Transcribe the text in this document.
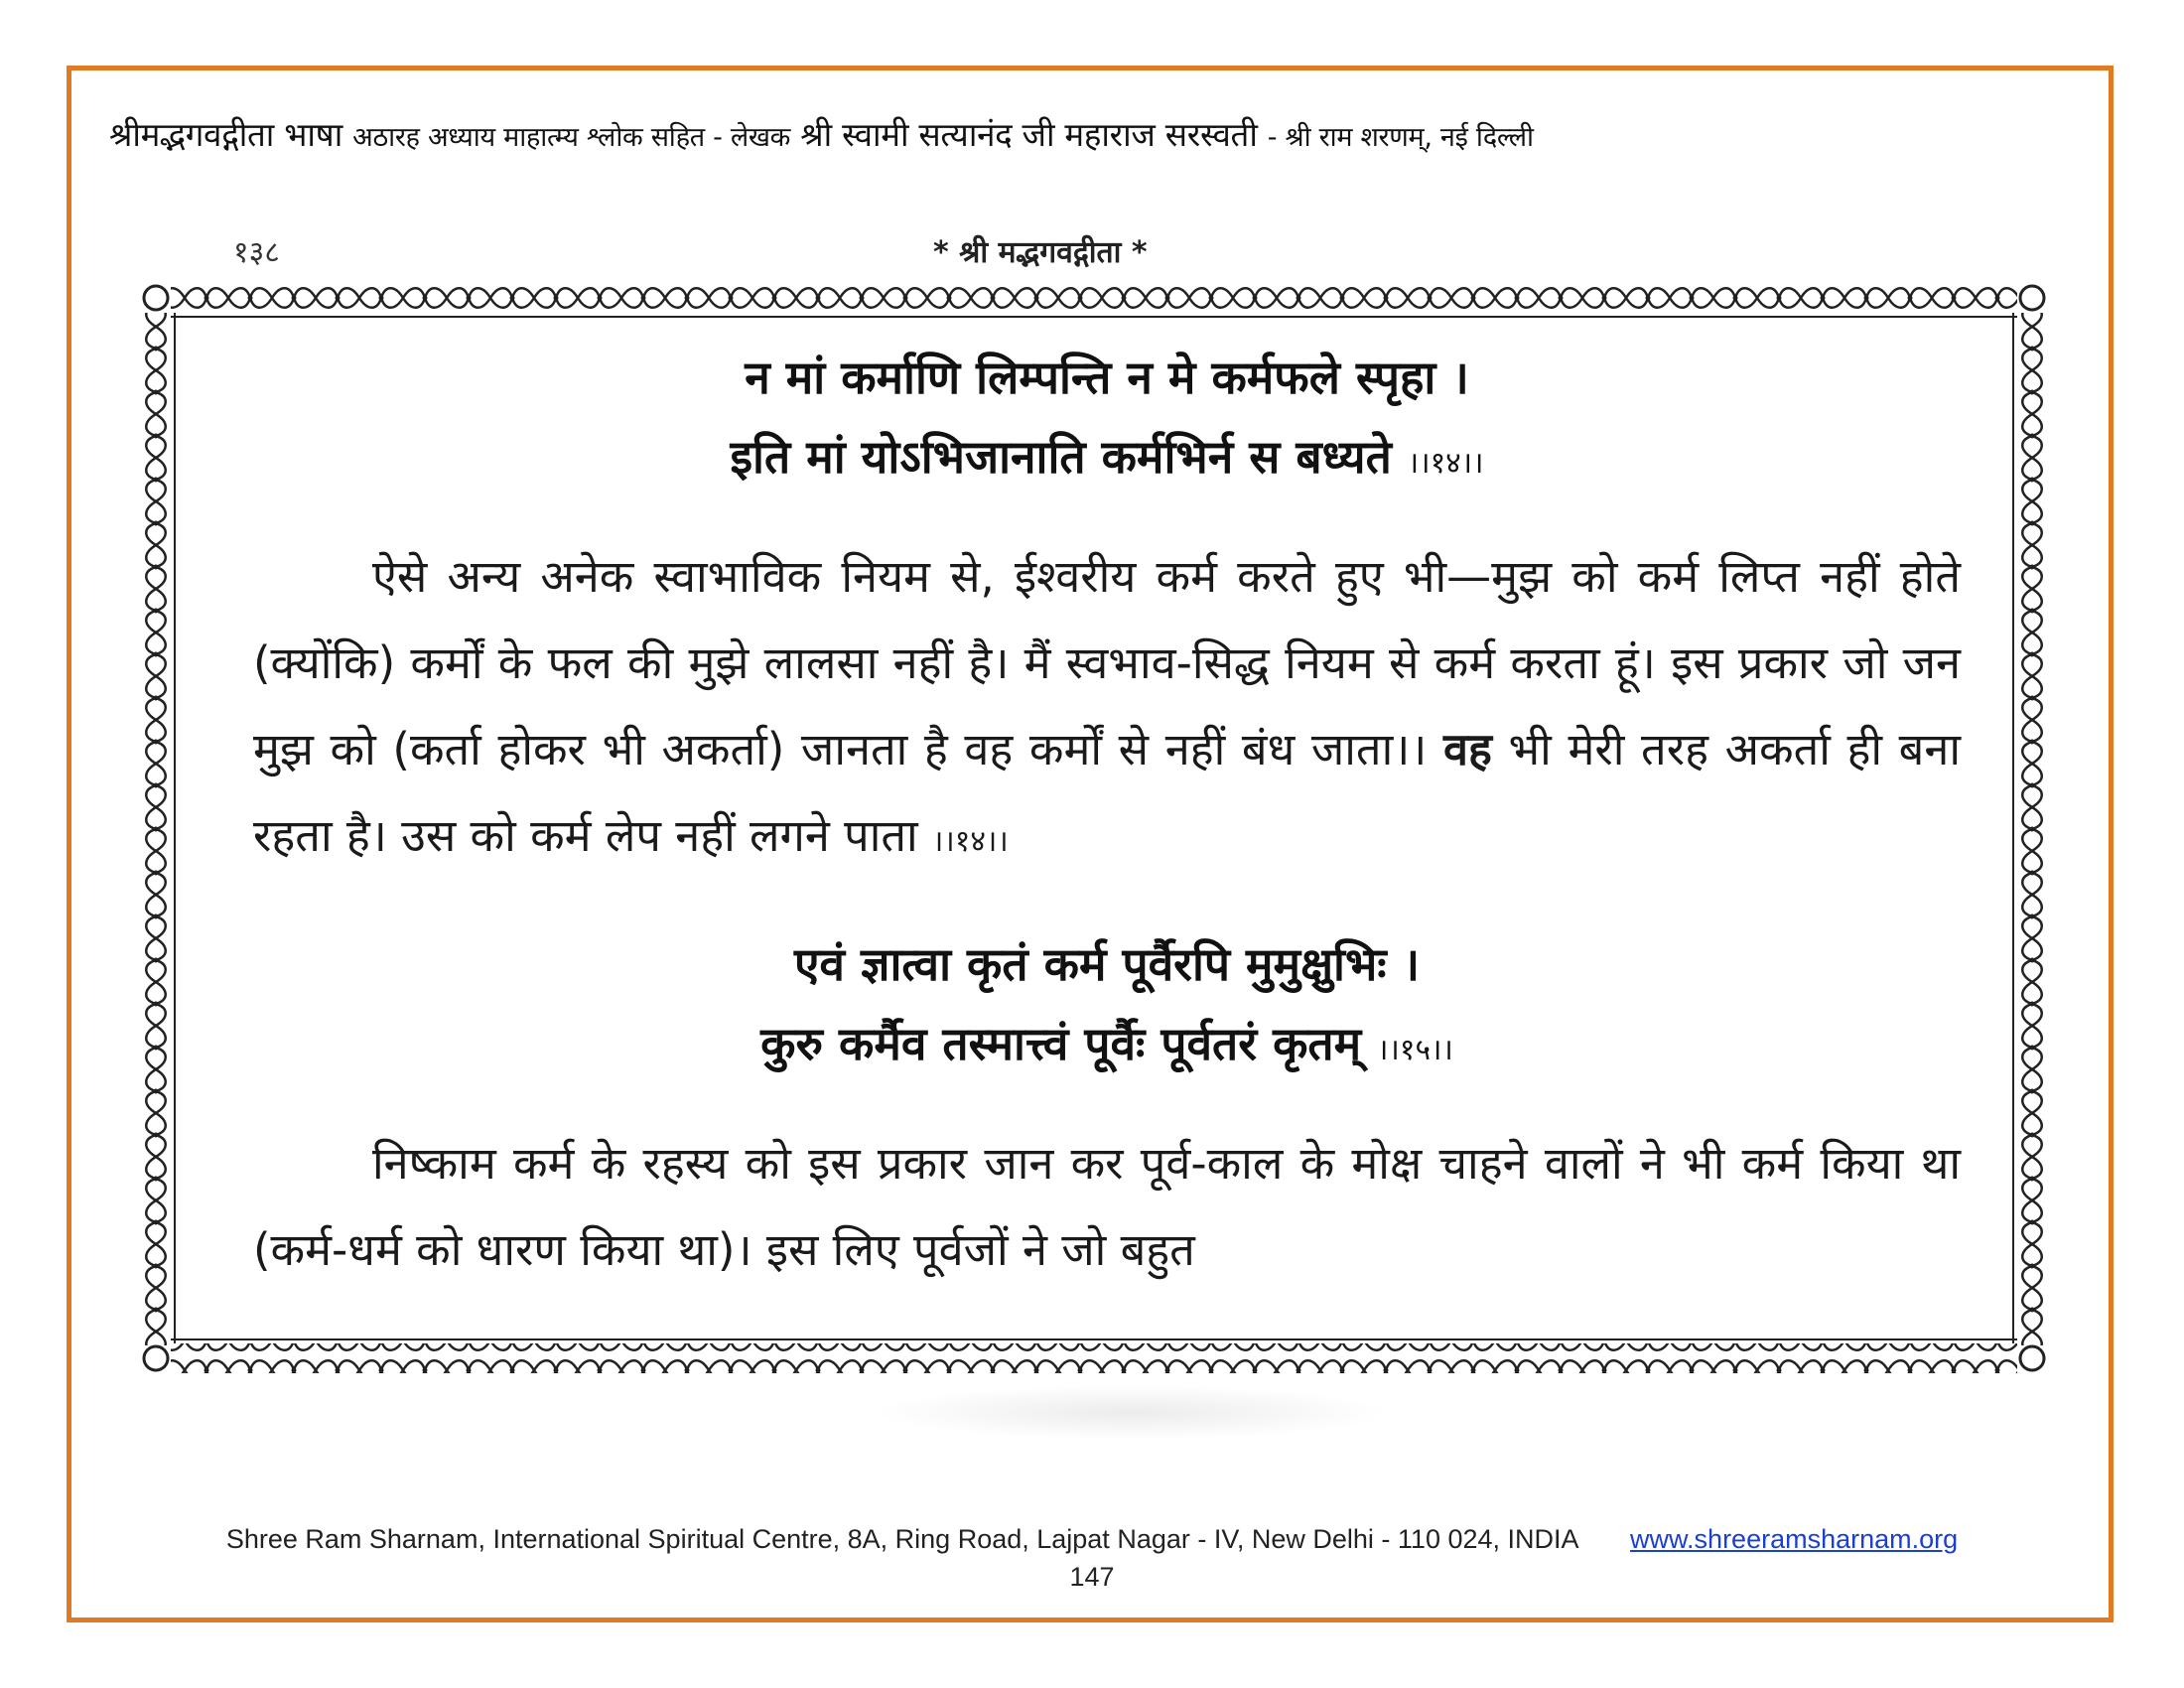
श्रीमद्भगवद्गीता भाषा अठारह अध्याय माहात्म्य श्लोक सहित - लेखक श्री स्वामी सत्यानंद जी महाराज सरस्वती - श्री राम शरणम्, नई दिल्ली
१३८	* श्री मद्भगवद्गीता *
न मां कर्माणि लिम्पन्ति न मे कर्मफले स्पृहा ।
इति मां योऽभिजानाति कर्मभिर्न स बध्यते ।।१४।।

ऐसे अन्य अनेक स्वाभाविक नियम से, ईश्वरीय कर्म करते हुए भी—मुझ को कर्म लिप्त नहीं होते (क्योंकि) कर्मों के फल की मुझे लालसा नहीं है। मैं स्वभाव-सिद्ध नियम से कर्म करता हूं। इस प्रकार जो जन मुझ को (कर्ता होकर भी अकर्ता) जानता है वह कर्मों से नहीं बंध जाता।। वह भी मेरी तरह अकर्ता ही बना रहता है। उस को कर्म लेप नहीं लगने पाता ।।१४।।

एवं ज्ञात्वा कृतं कर्म पूर्वैरपि मुमुक्षुभिः ।
कुरु कर्मैव तस्मात्त्वं पूर्वैः पूर्वतरं कृतम् ।।१५।।

निष्काम कर्म के रहस्य को इस प्रकार जान कर पूर्व-काल के मोक्ष चाहने वालों ने भी कर्म किया था (कर्म-धर्म को धारण किया था)। इस लिए पूर्वजों ने जो बहुत

Shree Ram Sharnam, International Spiritual Centre, 8A, Ring Road, Lajpat Nagar - IV, New Delhi - 110 024, INDIA www.shreeramsharnam.org
147
